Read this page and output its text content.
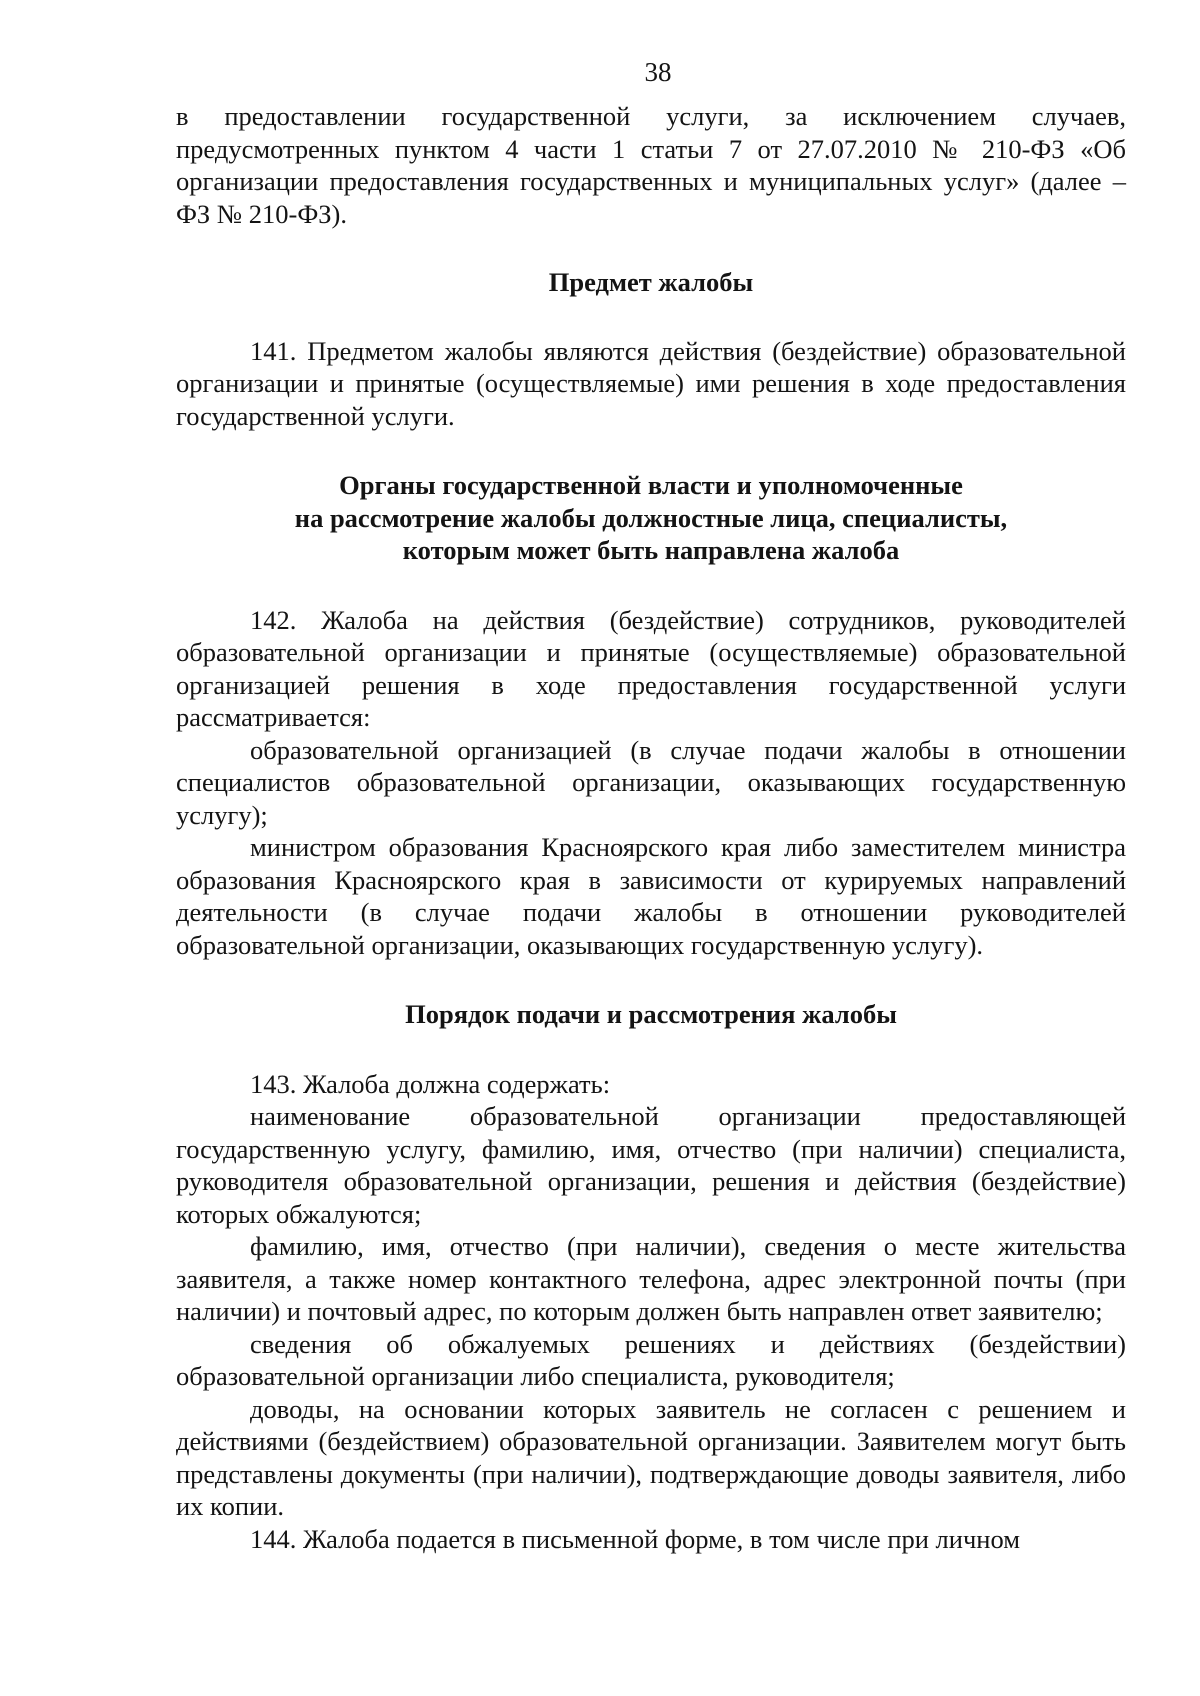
38

в предоставлении государственной услуги, за исключением случаев, предусмотренных пунктом 4 части 1 статьи 7 от 27.07.2010 № 210-ФЗ «Об организации предоставления государственных и муниципальных услуг» (далее – ФЗ № 210-ФЗ).

Предмет жалобы

141. Предметом жалобы являются действия (бездействие) образовательной организации и принятые (осуществляемые) ими решения в ходе предоставления государственной услуги.

Органы государственной власти и уполномоченные
на рассмотрение жалобы должностные лица, специалисты,
которым может быть направлена жалоба

142. Жалоба на действия (бездействие) сотрудников, руководителей образовательной организации и принятые (осуществляемые) образовательной организацией решения в ходе предоставления государственной услуги рассматривается:

образовательной организацией (в случае подачи жалобы в отношении специалистов образовательной организации, оказывающих государственную услугу);

министром образования Красноярского края либо заместителем министра образования Красноярского края в зависимости от курируемых направлений деятельности (в случае подачи жалобы в отношении руководителей образовательной организации, оказывающих государственную услугу).

Порядок подачи и рассмотрения жалобы

143. Жалоба должна содержать:

наименование образовательной организации предоставляющей государственную услугу, фамилию, имя, отчество (при наличии) специалиста, руководителя образовательной организации, решения и действия (бездействие) которых обжалуются;

фамилию, имя, отчество (при наличии), сведения о месте жительства заявителя, а также номер контактного телефона, адрес электронной почты (при наличии) и почтовый адрес, по которым должен быть направлен ответ заявителю;

сведения об обжалуемых решениях и действиях (бездействии) образовательной организации либо специалиста, руководителя;

доводы, на основании которых заявитель не согласен с решением и действиями (бездействием) образовательной организации. Заявителем могут быть представлены документы (при наличии), подтверждающие доводы заявителя, либо их копии.

144. Жалоба подается в письменной форме, в том числе при личном
